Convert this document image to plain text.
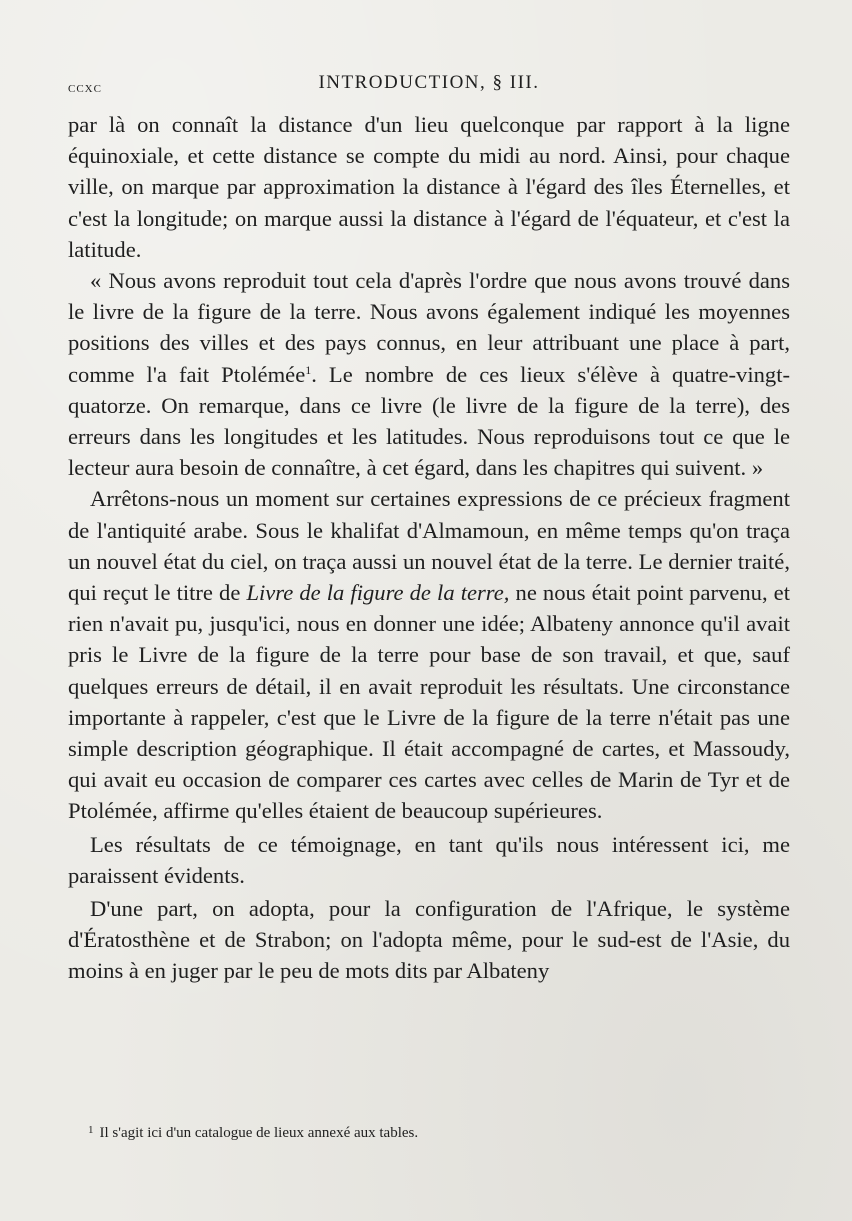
ccxc	INTRODUCTION, § III.

par là on connaît la distance d'un lieu quelconque par rapport à la ligne équinoxiale, et cette distance se compte du midi au nord. Ainsi, pour chaque ville, on marque par approximation la distance à l'égard des îles Éternelles, et c'est la longitude; on marque aussi la distance à l'égard de l'équateur, et c'est la latitude.

« Nous avons reproduit tout cela d'après l'ordre que nous avons trouvé dans le livre de la figure de la terre. Nous avons également indiqué les moyennes positions des villes et des pays connus, en leur attribuant une place à part, comme l'a fait Ptolémée$^1$. Le nombre de ces lieux s'élève à quatre-vingt-quatorze. On remarque, dans ce livre (le livre de la figure de la terre), des erreurs dans les longitudes et les latitudes. Nous reproduisons tout ce que le lecteur aura besoin de connaître, à cet égard, dans les chapitres qui suivent. »

Arrêtons-nous un moment sur certaines expressions de ce précieux fragment de l'antiquité arabe. Sous le khalifat d'Almamoun, en même temps qu'on traça un nouvel état du ciel, on traça aussi un nouvel état de la terre. Le dernier traité, qui reçut le titre de Livre de la figure de la terre, ne nous était point parvenu, et rien n'avait pu, jusqu'ici, nous en donner une idée; Albateny annonce qu'il avait pris le Livre de la figure de la terre pour base de son travail, et que, sauf quelques erreurs de détail, il en avait reproduit les résultats. Une circonstance importante à rappeler, c'est que le Livre de la figure de la terre n'était pas une simple description géographique. Il était accompagné de cartes, et Massoudy, qui avait eu occasion de comparer ces cartes avec celles de Marin de Tyr et de Ptolémée, affirme qu'elles étaient de beaucoup supérieures.

Les résultats de ce témoignage, en tant qu'ils nous intéressent ici, me paraissent évidents.

D'une part, on adopta, pour la configuration de l'Afrique, le système d'Ératosthène et de Strabon; on l'adopta même, pour le sud-est de l'Asie, du moins à en juger par le peu de mots dits par Albateny

$^1$ Il s'agit ici d'un catalogue de lieux annexé aux tables.
